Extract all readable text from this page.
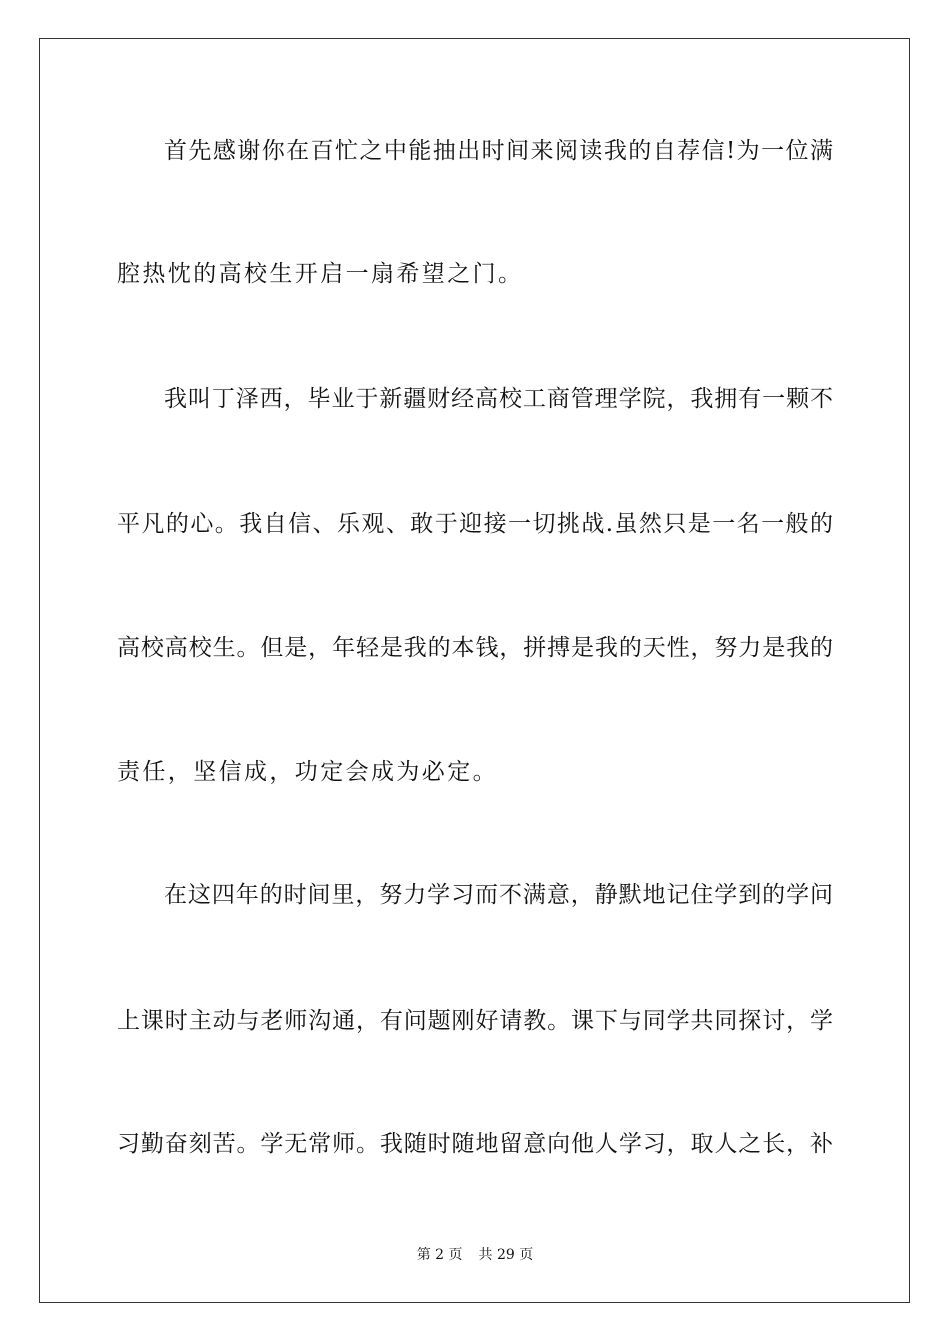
首先感谢你在百忙之中能抽出时间来阅读我的自荐信!为一位满
腔热忱的高校生开启一扇希望之门。
我叫丁泽西，毕业于新疆财经高校工商管理学院，我拥有一颗不
平凡的心。我自信、乐观、敢于迎接一切挑战.虽然只是一名一般的
高校高校生。但是，年轻是我的本钱，拼搏是我的天性，努力是我的
责任，坚信成，功定会成为必定。
在这四年的时间里，努力学习而不满意，静默地记住学到的学问
上课时主动与老师沟通，有问题刚好请教。课下与同学共同探讨，学
习勤奋刻苦。学无常师。我随时随地留意向他人学习，取人之长，补
第 2 页 共 29 页
